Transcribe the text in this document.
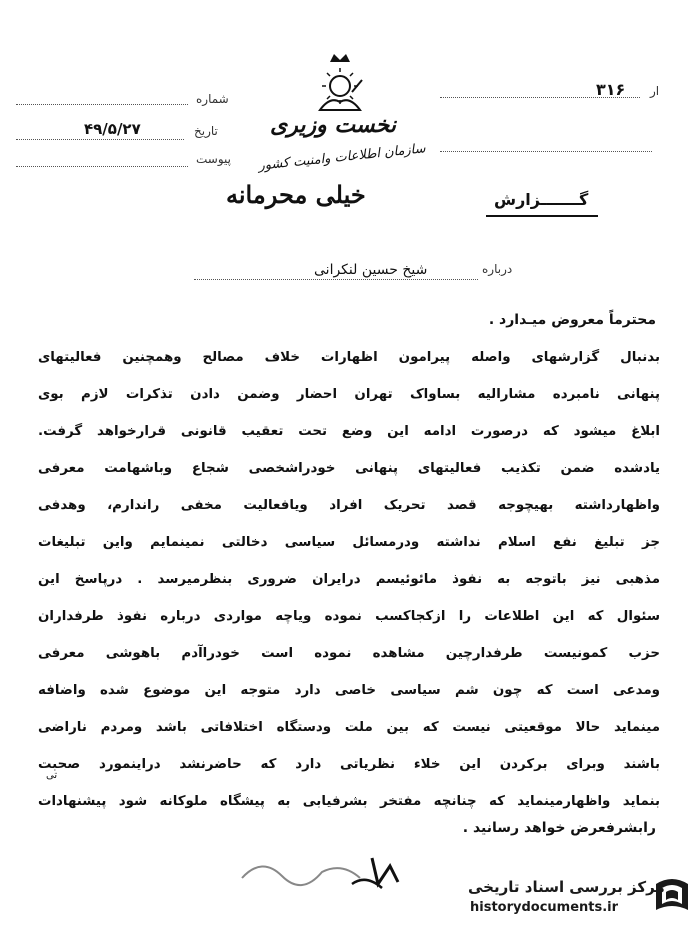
شماره
تاریخ
۴۹/۵/۲۷
پیوست
۳۱۶ ار
نخست وزیری
سازمان اطلاعات وامنیت کشور
خیلی محرمانه	گـــــــزارش
درباره
شیخ حسین لنکرانی
محترماً معروض میـدارد .
بدنبال گزارشهای واصله پیرامون اظهارات خلاف مصالح وهمچنین فعالیتهای
پنهانی نامبرده مشارالیه بساواک تهران احضار وضمن دادن تذکرات لازم بوی
ابلاغ میشود که درصورت ادامه این وضع تحت تعقیب قانونی قرارخواهد گرفت.
یادشده ضمن تکذیب فعالیتهای پنهانی خودراشخصی شجاع وباشهامت معرفی
واظهارداشته بهیچوجه قصد تحریک افراد ویافعالیت مخفی راندارم، وهدفی
جز تبلیغ نفع اسلام نداشته ودرمسائل سیاسی دخالتی نمینمایم واین تبلیغات
مذهبی نیز باتوجه به نفوذ مائوئیسم درایران ضروری بنظرمیرسد . درپاسخ این
سئوال که این اطلاعات را ازکجاکسب نموده ویاچه مواردی درباره نفوذ طرفداران
حزب کمونیست طرفدارچین مشاهده نموده است خودراآدم باهوشی معرفی
ومدعی است که چون شم سیاسی خاصی دارد متوجه این موضوع شده واضافه
مینماید حالا موقعیتی نیست که بین ملت ودستگاه اختلافاتی باشد ومردم ناراضی
باشند وبرای برکردن این خلاء نظریاتی دارد که حاضرنشد دراینمورد صحبت
تی
بنماید واظهارمینماید که چنانچه مفتخر بشرفیابی به پیشگاه ملوکانه شود پیشنهادات
رابشرفعرض خواهد رسانید .
مرکز بررسی اسناد تاریخی
historydocuments.ir
